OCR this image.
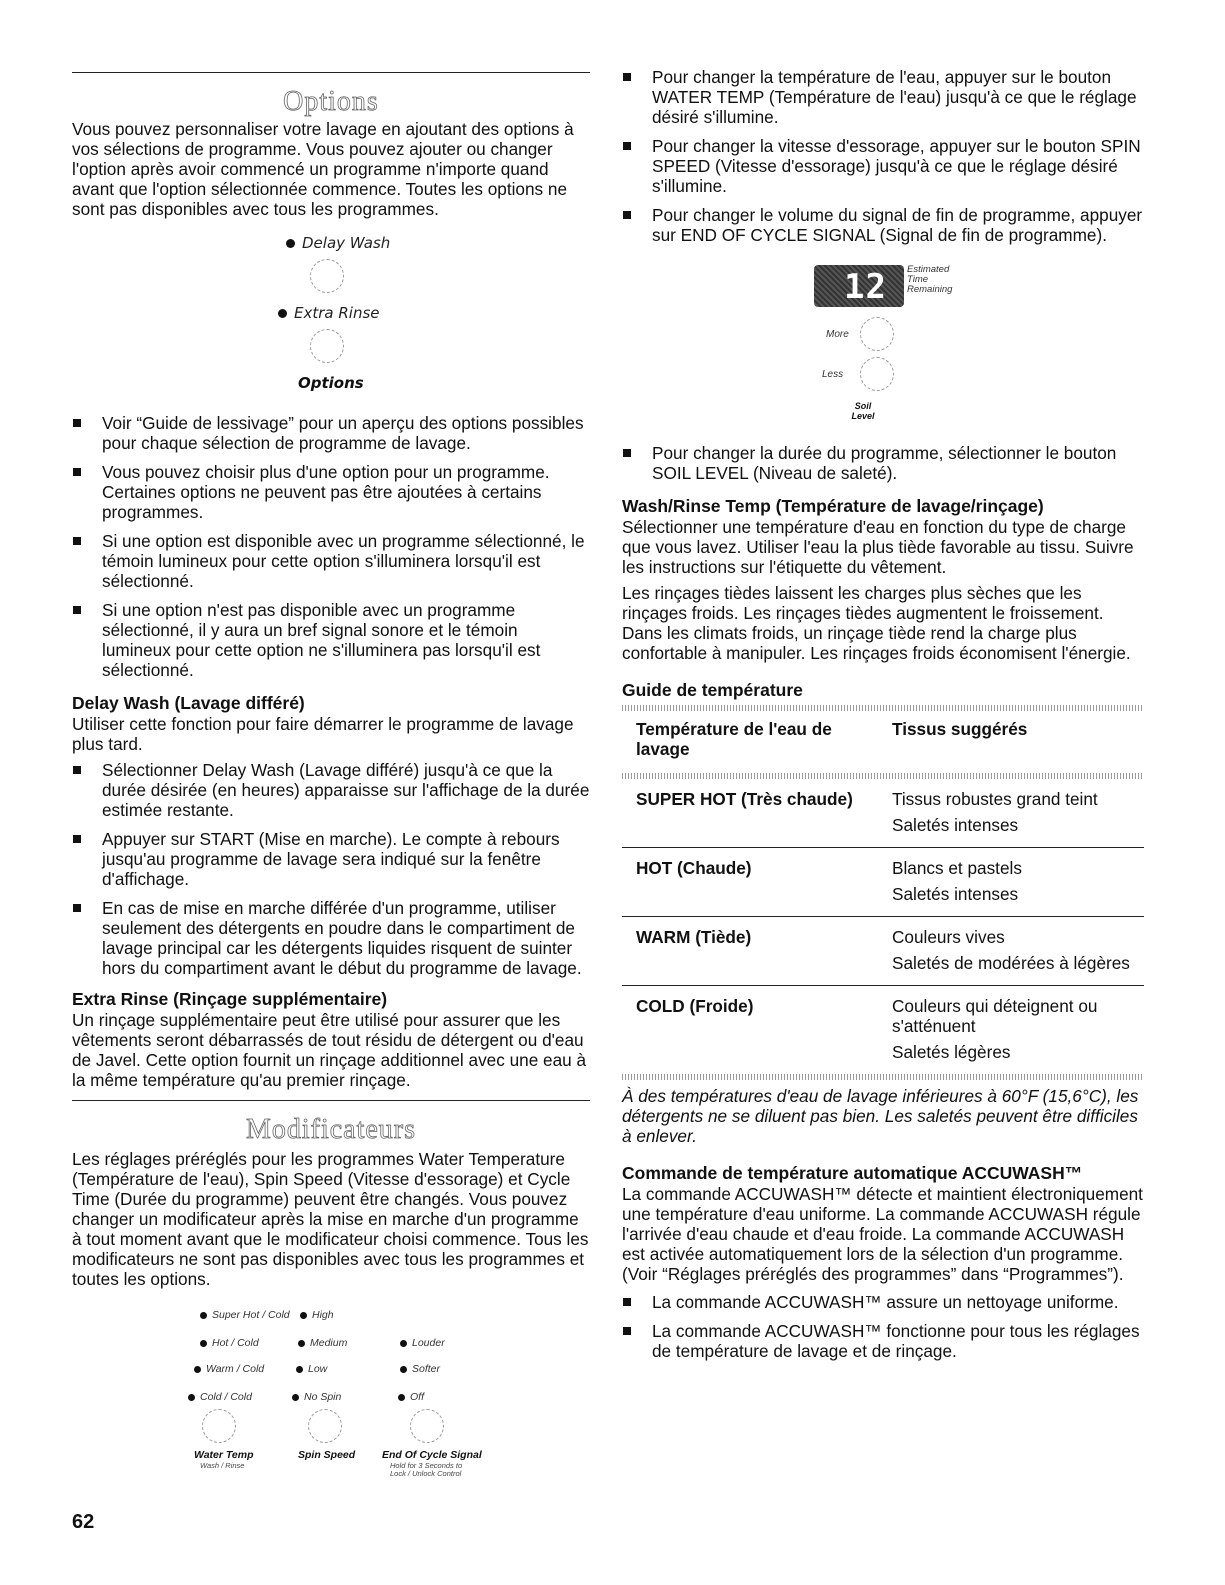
Options

Vous pouvez personnaliser votre lavage en ajoutant des options à vos sélections de programme. Vous pouvez ajouter ou changer l'option après avoir commencé un programme n'importe quand avant que l'option sélectionnée commence. Toutes les options ne sont pas disponibles avec tous les programmes.

Delay Wash
Extra Rinse
Options
Voir “Guide de lessivage” pour un aperçu des options possibles pour chaque sélection de programme de lavage.
Vous pouvez choisir plus d'une option pour un programme. Certaines options ne peuvent pas être ajoutées à certains programmes.
Si une option est disponible avec un programme sélectionné, le témoin lumineux pour cette option s'illuminera lorsqu'il est sélectionné.
Si une option n'est pas disponible avec un programme sélectionné, il y aura un bref signal sonore et le témoin lumineux pour cette option ne s'illuminera pas lorsqu'il est sélectionné.
Delay Wash (Lavage différé)

Utiliser cette fonction pour faire démarrer le programme de lavage plus tard.

Sélectionner Delay Wash (Lavage différé) jusqu'à ce que la durée désirée (en heures) apparaisse sur l'affichage de la durée estimée restante.
Appuyer sur START (Mise en marche). Le compte à rebours jusqu'au programme de lavage sera indiqué sur la fenêtre d'affichage.
En cas de mise en marche différée d'un programme, utiliser seulement des détergents en poudre dans le compartiment de lavage principal car les détergents liquides risquent de suinter hors du compartiment avant le début du programme de lavage.
Extra Rinse (Rinçage supplémentaire)

Un rinçage supplémentaire peut être utilisé pour assurer que les vêtements seront débarrassés de tout résidu de détergent ou d'eau de Javel. Cette option fournit un rinçage additionnel avec une eau à la même température qu'au premier rinçage.

Modificateurs

Les réglages préréglés pour les programmes Water Temperature (Température de l'eau), Spin Speed (Vitesse d'essorage) et Cycle Time (Durée du programme) peuvent être changés. Vous pouvez changer un modificateur après la mise en marche d'un programme à tout moment avant que le modificateur choisi commence. Tous les modificateurs ne sont pas disponibles avec tous les programmes et toutes les options.

Super Hot / Cold
Hot / Cold
Warm / Cold
Cold / Cold
High
Medium
Low
No Spin
Louder
Softer
Off
Water Temp
Wash / Rinse
Spin Speed	End Of Cycle Signal
Hold for 3 Seconds to
Lock / Unlock Control
62
Pour changer la température de l'eau, appuyer sur le bouton WATER TEMP (Température de l'eau) jusqu'à ce que le réglage désiré s'illumine.
Pour changer la vitesse d'essorage, appuyer sur le bouton SPIN SPEED (Vitesse d'essorage) jusqu'à ce que le réglage désiré s'illumine.
Pour changer le volume du signal de fin de programme, appuyer sur END OF CYCLE SIGNAL (Signal de fin de programme).
12 Estimated
Time
Remaining
More
Less
Soil
Level
Pour changer la durée du programme, sélectionner le bouton SOIL LEVEL (Niveau de saleté).
Wash/Rinse Temp (Température de lavage/rinçage)

Sélectionner une température d'eau en fonction du type de charge que vous lavez. Utiliser l'eau la plus tiède favorable au tissu. Suivre les instructions sur l'étiquette du vêtement.

Les rinçages tièdes laissent les charges plus sèches que les rinçages froids. Les rinçages tièdes augmentent le froissement. Dans les climats froids, un rinçage tiède rend la charge plus confortable à manipuler. Les rinçages froids économisent l'énergie.

Guide de température
Température de l'eau de lavage	Tissus suggérés
SUPER HOT (Très chaude)	Tissus robustes grand teint
Saletés intenses

HOT (Chaude)	Blancs et pastels
Saletés intenses

WARM (Tiède)	Couleurs vives
Saletés de modérées à légères

COLD (Froide)	Couleurs qui déteignent ou s'atténuent
Saletés légères

À des températures d'eau de lavage inférieures à 60°F (15,6°C), les détergents ne se diluent pas bien. Les saletés peuvent être difficiles à enlever.

Commande de température automatique ACCUWASH™

La commande ACCUWASH™ détecte et maintient électroniquement une température d'eau uniforme. La commande ACCUWASH régule l'arrivée d'eau chaude et d'eau froide. La commande ACCUWASH est activée automatiquement lors de la sélection d'un programme. (Voir “Réglages préréglés des programmes” dans “Programmes”).

La commande ACCUWASH™ assure un nettoyage uniforme.
La commande ACCUWASH™ fonctionne pour tous les réglages de température de lavage et de rinçage.
